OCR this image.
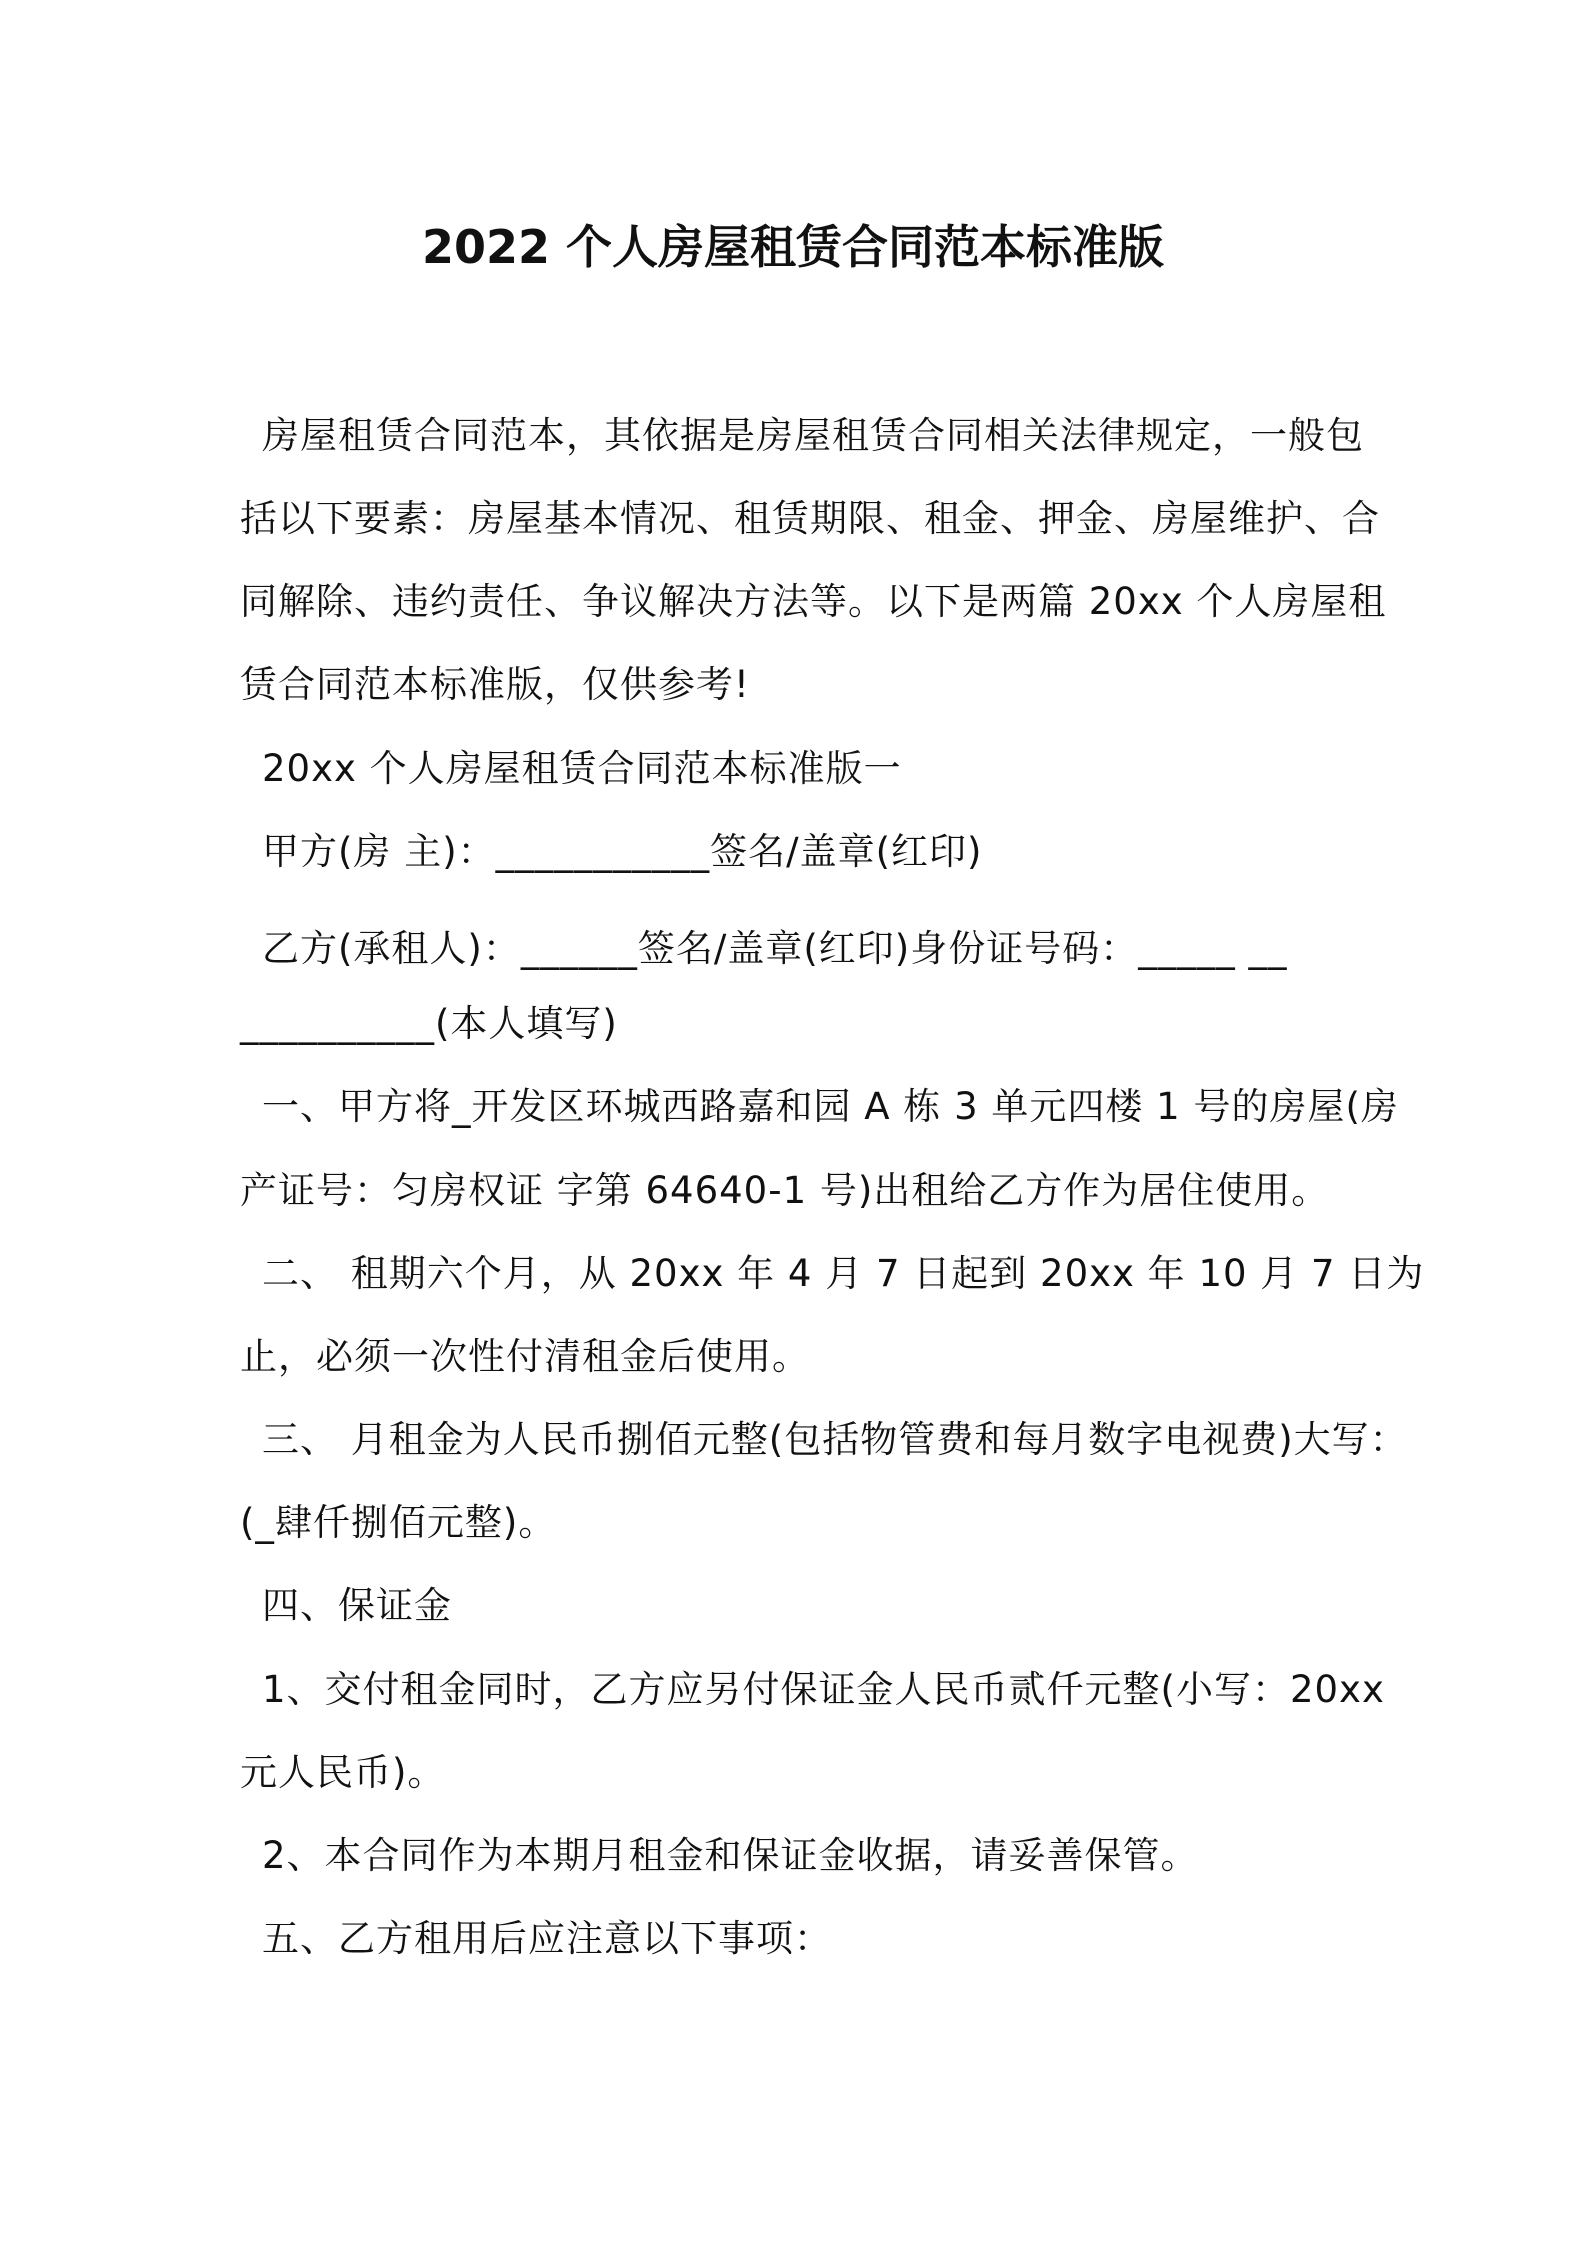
2022 个人房屋租赁合同范本标准版
房屋租赁合同范本，其依据是房屋租赁合同相关法律规定，一般包
括以下要素：房屋基本情况、租赁期限、租金、押金、房屋维护、合
同解除、违约责任、争议解决方法等。以下是两篇 20xx 个人房屋租
赁合同范本标准版，仅供参考!
20xx 个人房屋租赁合同范本标准版一
甲方(房 主)：___________签名/盖章(红印)
乙方(承租人)：______签名/盖章(红印)身份证号码：_____ __
__________(本人填写)
一、甲方将_开发区环城西路嘉和园 A 栋 3 单元四楼 1 号的房屋(房
产证号：匀房权证 字第 64640-1 号)出租给乙方作为居住使用。
二、 租期六个月，从 20xx 年 4 月 7 日起到 20xx 年 10 月 7 日为
止，必须一次性付清租金后使用。
三、 月租金为人民币捌佰元整(包括物管费和每月数字电视费)大写：
(_肆仟捌佰元整)。
四、保证金
1、交付租金同时，乙方应另付保证金人民币贰仟元整(小写：20xx
元人民币)。
2、本合同作为本期月租金和保证金收据，请妥善保管。
五、乙方租用后应注意以下事项：
